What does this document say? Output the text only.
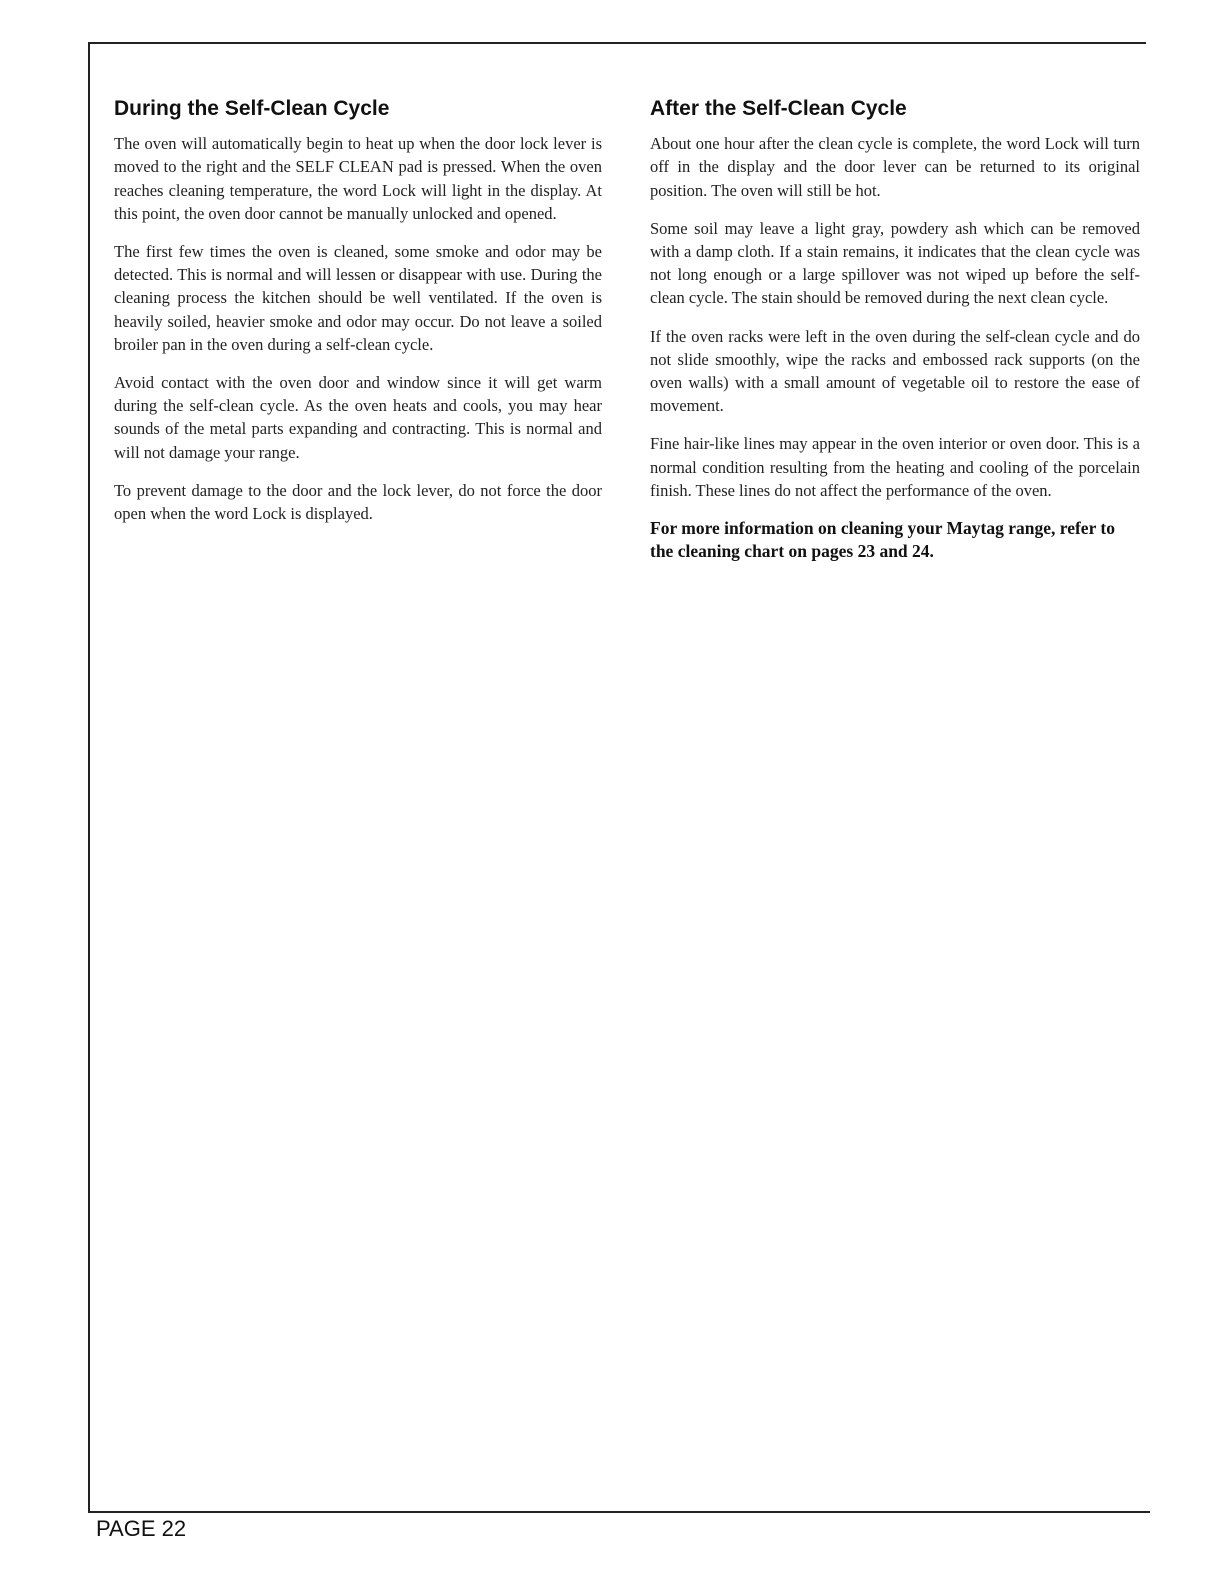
During the Self-Clean Cycle

The oven will automatically begin to heat up when the door lock lever is moved to the right and the SELF CLEAN pad is pressed. When the oven reaches cleaning temperature, the word Lock will light in the display. At this point, the oven door cannot be manually unlocked and opened.

The first few times the oven is cleaned, some smoke and odor may be detected. This is normal and will lessen or disappear with use. During the cleaning process the kitchen should be well ventilated. If the oven is heavily soiled, heavier smoke and odor may occur. Do not leave a soiled broiler pan in the oven during a self-clean cycle.

Avoid contact with the oven door and window since it will get warm during the self-clean cycle. As the oven heats and cools, you may hear sounds of the metal parts expanding and contracting. This is normal and will not damage your range.

To prevent damage to the door and the lock lever, do not force the door open when the word Lock is displayed.

After the Self-Clean Cycle

About one hour after the clean cycle is complete, the word Lock will turn off in the display and the door lever can be returned to its original position. The oven will still be hot.

Some soil may leave a light gray, powdery ash which can be removed with a damp cloth. If a stain remains, it indicates that the clean cycle was not long enough or a large spillover was not wiped up before the self-clean cycle. The stain should be removed during the next clean cycle.

If the oven racks were left in the oven during the self-clean cycle and do not slide smoothly, wipe the racks and embossed rack supports (on the oven walls) with a small amount of vegetable oil to restore the ease of movement.

Fine hair-like lines may appear in the oven interior or oven door. This is a normal condition resulting from the heating and cooling of the porcelain finish. These lines do not affect the performance of the oven.

For more information on cleaning your Maytag range, refer to the cleaning chart on pages 23 and 24.

PAGE 22
